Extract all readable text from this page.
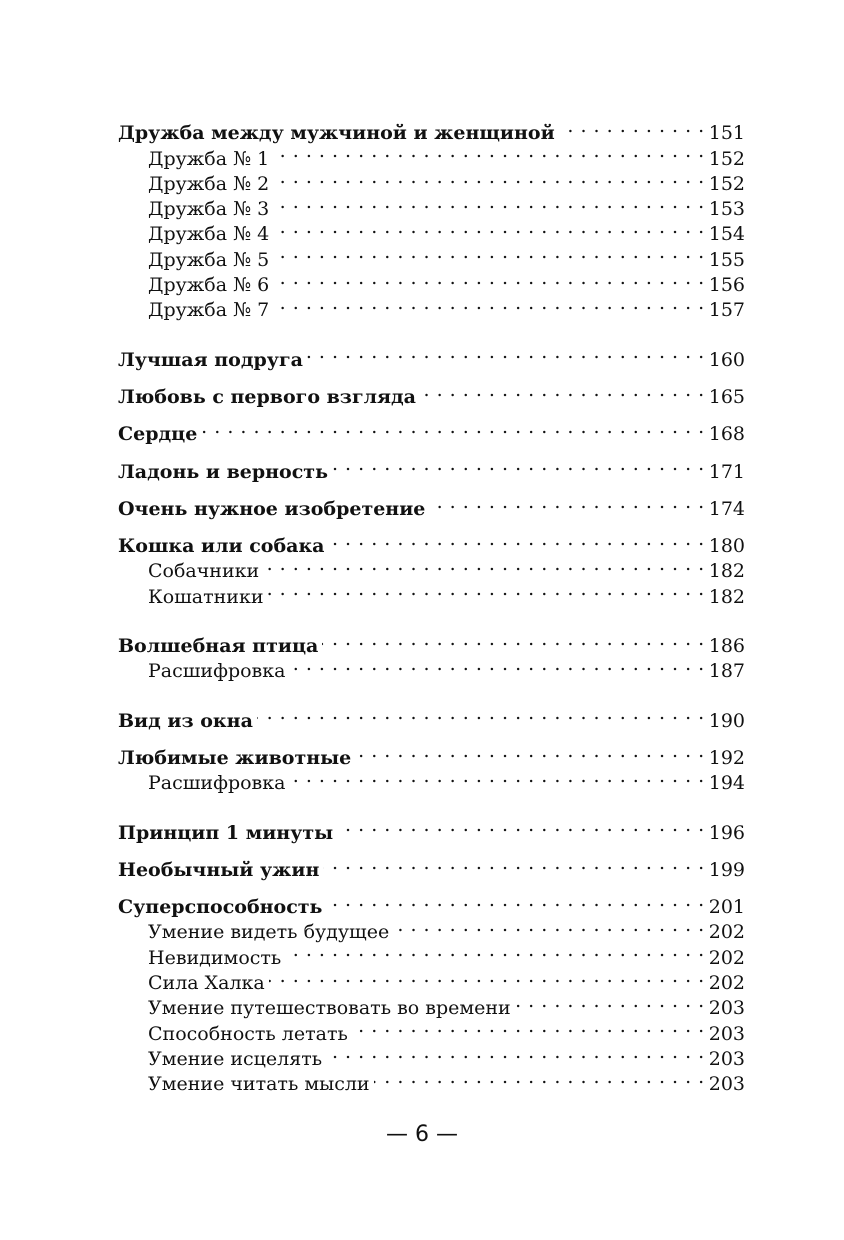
Дружба между мужчиной и женщиной . . .	151
Дружба № 1 . . .	152
Дружба № 2 . . .	152
Дружба № 3 . . .	153
Дружба № 4 . . .	154
Дружба № 5 . . .	155
Дружба № 6 . . .	156
Дружба № 7 . . .	157
Лучшая подруга . . .	160
Любовь с первого взгляда . . .	165
Сердце . . .	168
Ладонь и верность . . .	171
Очень нужное изобретение . . .	174
Кошка или собака . . .	180
Собачники . . .	182
Кошатники . . .	182
Волшебная птица . . .	186
Расшифровка . . .	187
Вид из окна . . .	190
Любимые животные . . .	192
Расшифровка . . .	194
Принцип 1 минуты . . .	196
Необычный ужин . . .	199
Суперспособность . . .	201
Умение видеть будущее . . .	202
Невидимость . . .	202
Сила Халка . . .	202
Умение путешествовать во времени . . .	203
Способность летать . . .	203
Умение исцелять . . .	203
Умение читать мысли . . .	203
— 6 —
